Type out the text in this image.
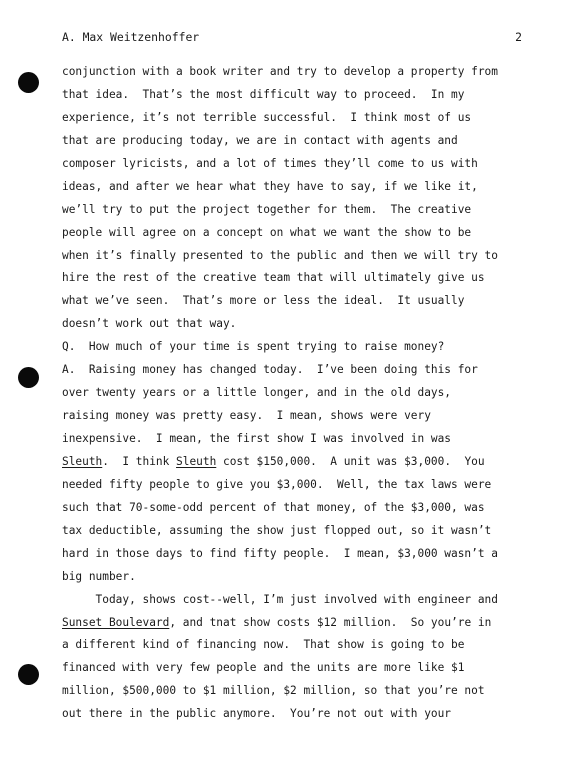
A. Max Weitzenhoffer	2
conjunction with a book writer and try to develop a property from
that idea.  That’s the most difficult way to proceed.  In my
experience, it’s not terrible successful.  I think most of us
that are producing today, we are in contact with agents and
composer lyricists, and a lot of times they’ll come to us with
ideas, and after we hear what they have to say, if we like it,
we’ll try to put the project together for them.  The creative
people will agree on a concept on what we want the show to be
when it’s finally presented to the public and then we will try to
hire the rest of the creative team that will ultimately give us
what we’ve seen.  That’s more or less the ideal.  It usually
doesn’t work out that way.
Q.  How much of your time is spent trying to raise money?
A.  Raising money has changed today.  I’ve been doing this for
over twenty years or a little longer, and in the old days,
raising money was pretty easy.  I mean, shows were very
inexpensive.  I mean, the first show I was involved in was
Sleuth.  I think Sleuth cost $150,000.  A unit was $3,000.  You
needed fifty people to give you $3,000.  Well, the tax laws were
such that 70-some-odd percent of that money, of the $3,000, was
tax deductible, assuming the show just flopped out, so it wasn’t
hard in those days to find fifty people.  I mean, $3,000 wasn’t a
big number.
Today, shows cost--well, I’m just involved with engineer and
Sunset Boulevard, and tnat show costs $12 million.  So you’re in
a different kind of financing now.  That show is going to be
financed with very few people and the units are more like $1
million, $500,000 to $1 million, $2 million, so that you’re not
out there in the public anymore.  You’re not out with your
